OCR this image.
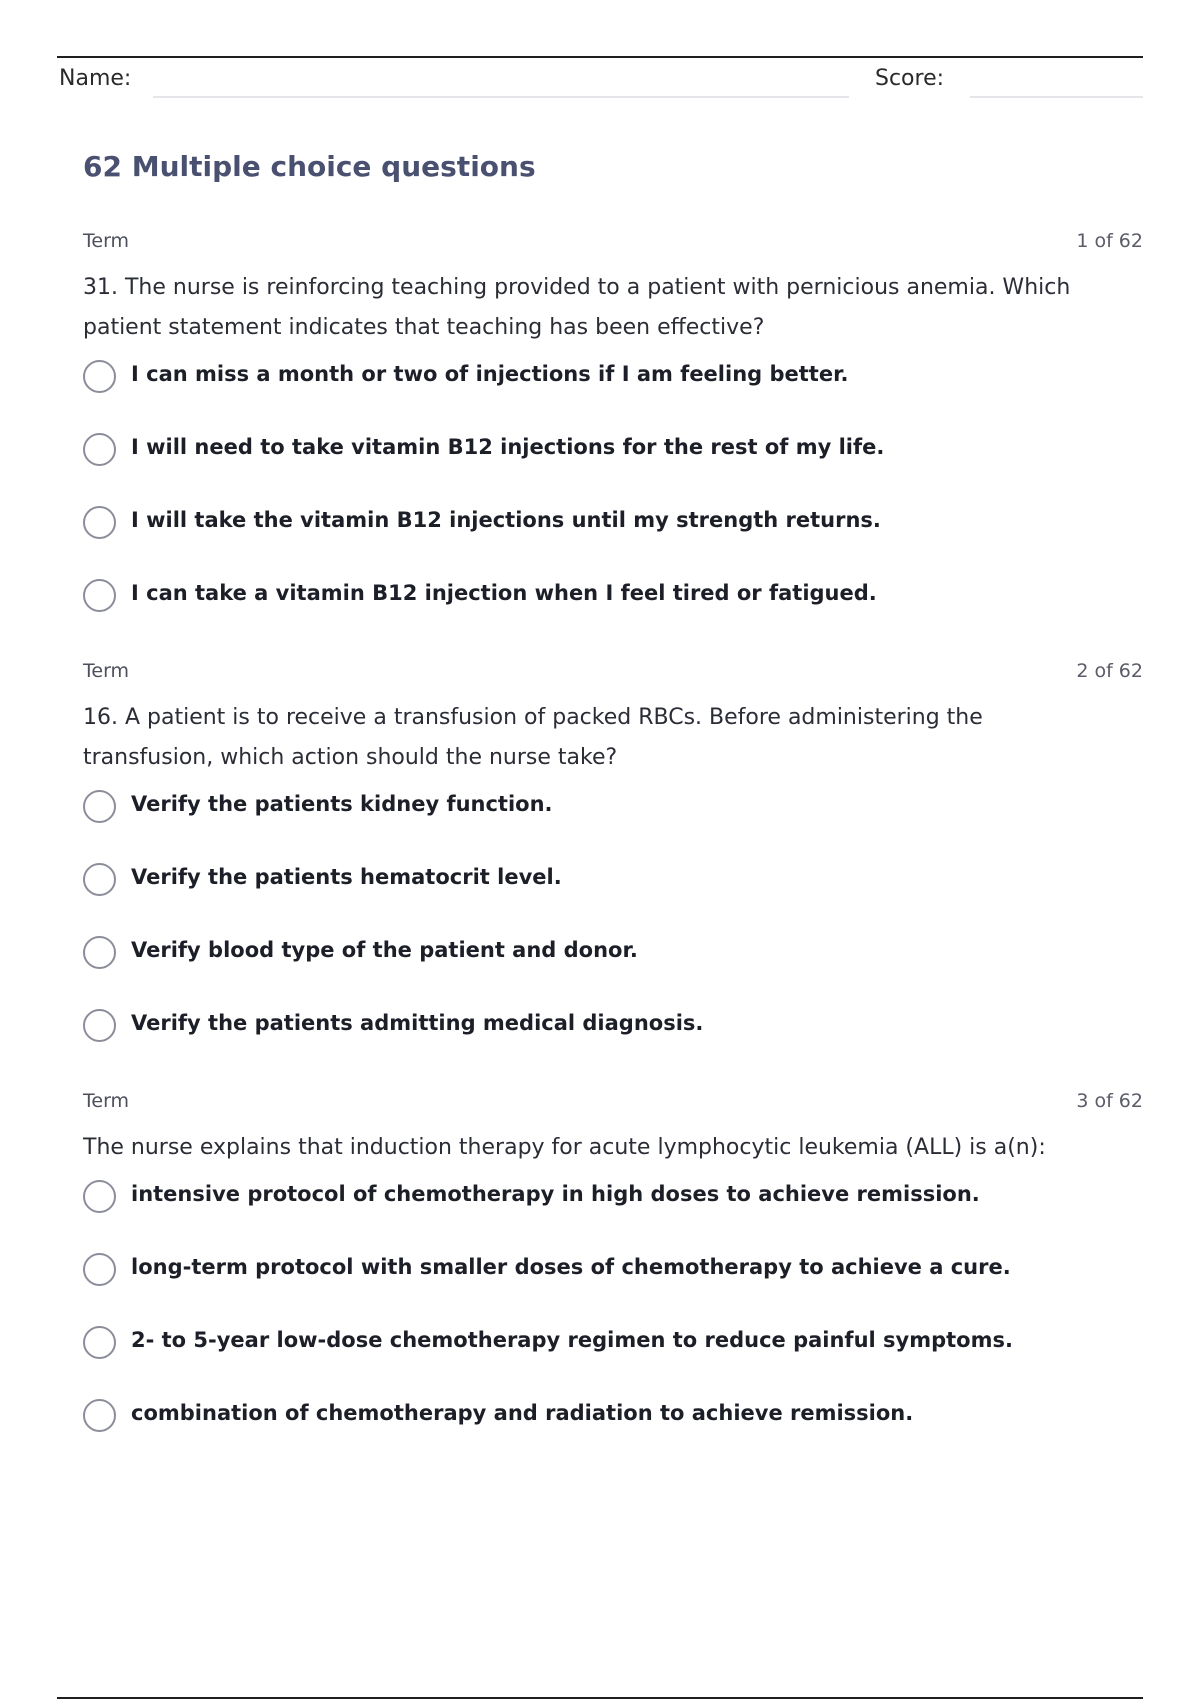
Name:	Score:
62 Multiple choice questions
Term	1 of 62
31. The nurse is reinforcing teaching provided to a patient with pernicious anemia. Which patient statement indicates that teaching has been effective?
I can miss a month or two of injections if I am feeling better.
I will need to take vitamin B12 injections for the rest of my life.
I will take the vitamin B12 injections until my strength returns.
I can take a vitamin B12 injection when I feel tired or fatigued.
Term	2 of 62
16. A patient is to receive a transfusion of packed RBCs. Before administering the transfusion, which action should the nurse take?
Verify the patients kidney function.
Verify the patients hematocrit level.
Verify blood type of the patient and donor.
Verify the patients admitting medical diagnosis.
Term	3 of 62
The nurse explains that induction therapy for acute lymphocytic leukemia (ALL) is a(n):
intensive protocol of chemotherapy in high doses to achieve remission.
long-term protocol with smaller doses of chemotherapy to achieve a cure.
2- to 5-year low-dose chemotherapy regimen to reduce painful symptoms.
combination of chemotherapy and radiation to achieve remission.
